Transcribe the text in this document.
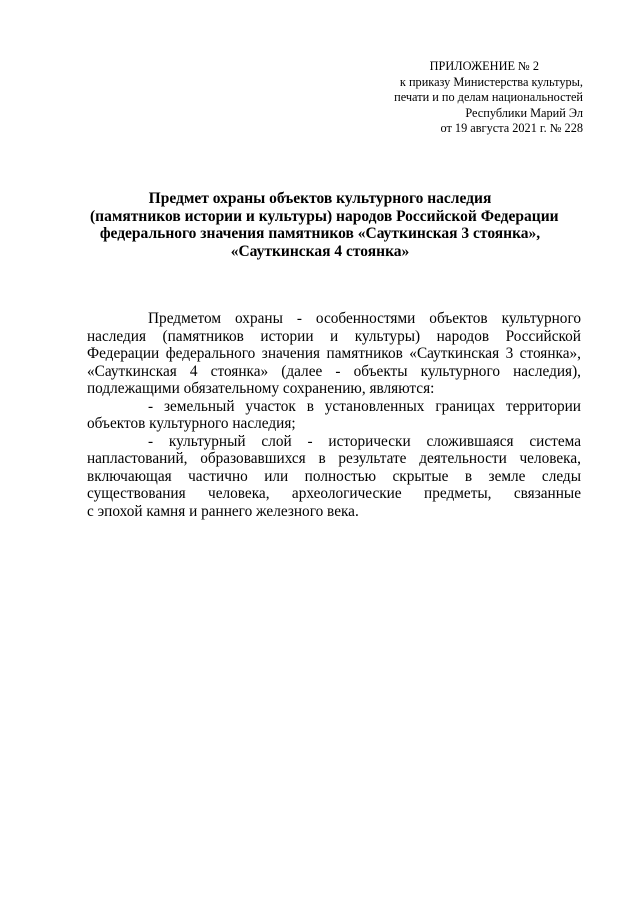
ПРИЛОЖЕНИЕ № 2
к приказу Министерства культуры,
печати и по делам национальностей
Республики Марий Эл
от 19 августа 2021 г. № 228
Предмет охраны объектов культурного наследия
(памятников истории и культуры) народов Российской Федерации
федерального значения памятников «Сауткинская 3 стоянка»,
«Сауткинская 4 стоянка»
Предметом охраны - особенностями объектов культурного
наследия (памятников истории и культуры) народов Российской
Федерации федерального значения памятников «Сауткинская 3 стоянка»,
«Сауткинская 4 стоянка» (далее - объекты культурного наследия),
подлежащими обязательному сохранению, являются:
- земельный участок в установленных границах территории
объектов культурного наследия;
- культурный слой - исторически сложившаяся система
напластований, образовавшихся в результате деятельности человека,
включающая частично или полностью скрытые в земле следы
существования человека, археологические предметы, связанные
с эпохой камня и раннего железного века.
